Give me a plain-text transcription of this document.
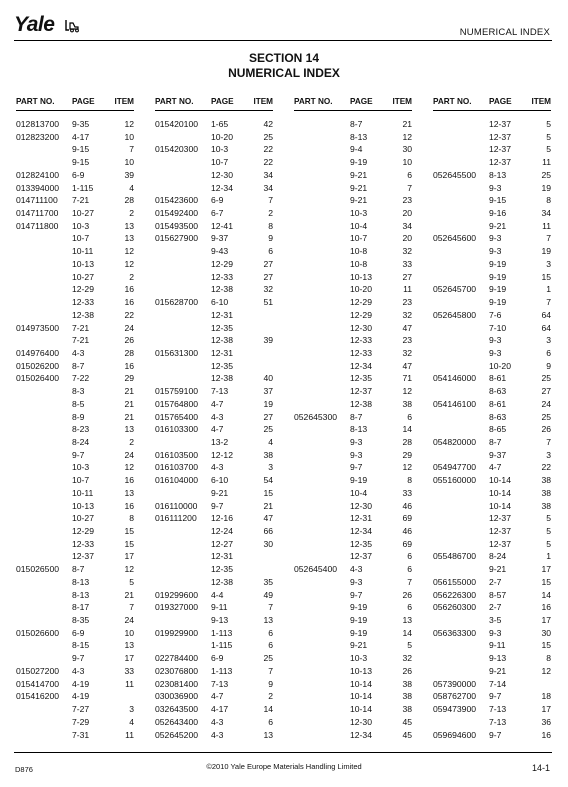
Yale	NUMERICAL INDEX
SECTION 14
NUMERICAL INDEX
PART NO. PAGE ITEM
012813700 9-35	12
012823200 4-17	10
9-15	7
9-15	10
012824100 6-9	39
013394000 1-115	4
014711100 7-21	28
014711700 10-27	2
014711800 10-3	13
10-7	13
10-11	12
10-13	12
10-27	2
12-29	16
12-33	16
12-38	22
014973500 7-21	24
7-21	26
014976400 4-3	28
015026200 8-7	16
015026400 7-22	29
8-3	21
8-5	21
8-9	21
8-23	13
8-24	2
9-7	24
10-3	12
10-7	16
10-11	13
10-13	16
10-27	8
12-29	15
12-33	15
12-37	17
015026500 8-7	12
8-13	5
8-13	21
8-17	7
8-35	24
015026600 6-9	10
8-15	13
9-7	17
015027200 4-3	33
015414700 4-19	11
015416200 4-19
7-27	3
7-29	4
7-31	11
PART NO. PAGE ITEM
015420100 1-65	42
10-20	25
015420300 10-3	22
10-7	22
12-30	34
12-34	34
015423600 6-9	7
015492400 6-7	2
015493500 12-41	8
015627900 9-37	9
9-43	6
12-29	27
12-33	27
12-38	32
015628700 6-10	51
12-31
12-35
12-38	39
015631300 12-31
12-35
12-38	40
015759100 7-13	37
015764800 4-7	19
015765400 4-3	27
016103300 4-7	25
13-2	4
016103500 12-12	38
016103700 4-3	3
016104000 6-10	54
9-21	15
016110000 9-7	21
016111200 12-16	47
12-24	66
12-27	30
12-31
12-35
12-38	35
019299600 4-4	49
019327000 9-11	7
9-13	13
019929900 1-113	6
1-115	6
022784400 6-9	25
023076800 1-113	7
023081400 7-13	9
030036900 4-7	2
032643500 4-17	14
052643400 4-3	6
052645200 4-3	13
PART NO. PAGE ITEM
8-7	21
8-13	12
9-4	30
9-19	10
9-21	6
9-21	7
9-21	23
10-3	20
10-4	34
10-7	20
10-8	32
10-8	33
10-13	27
10-20	11
12-29	23
12-29	32
12-30	47
12-33	23
12-33	32
12-34	47
12-35	71
12-37	12
12-38	38
052645300 8-7	6
8-13	14
9-3	28
9-3	29
9-7	12
9-19	8
10-4	33
12-30	46
12-31	69
12-34	46
12-35	69
12-37	6
052645400 4-3	6
9-3	7
9-7	26
9-19	6
9-19	13
9-19	14
9-21	5
10-3	32
10-13	26
10-14	38
10-14	38
10-14	38
12-30	45
12-34	45
PART NO. PAGE ITEM
12-37	5
12-37	5
12-37	5
12-37	11
052645500 8-13	25
9-3	19
9-15	8
9-16	34
9-21	11
052645600 9-3	7
9-3	19
9-19	3
9-19	15
052645700 9-19	1
9-19	7
052645800 7-6	64
7-10	64
9-3	3
9-3	6
10-20	9
054146000 8-61	25
8-63	27
054146100 8-61	24
8-63	25
8-65	26
054820000 8-7	7
9-37	3
054947700 4-7	22
055160000 10-14	38
10-14	38
10-14	38
12-37	5
12-37	5
12-37	5
055486700 8-24	1
9-21	17
056155000 2-7	15
056226300 8-57	14
056260300 2-7	16
3-5	17
056363300 9-3	30
9-11	15
9-13	8
9-21	12
057390000 7-14
058762700 9-7	18
059473900 7-13	17
7-13	36
059694600 9-7	16
D876	©2010 Yale Europe Materials Handling Limited	14-1
